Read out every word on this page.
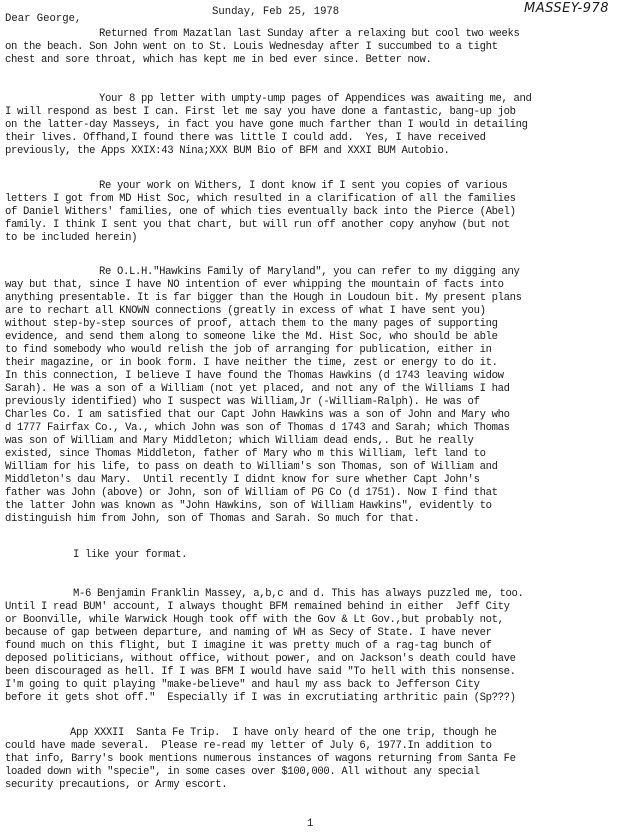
Sunday, Feb 25, 1978	MASSEY-978
Dear George,
Returned from Mazatlan last Sunday after a relaxing but cool two weeks
on the beach. Son John went on to St. Louis Wednesday after I succumbed to a tight
chest and sore throat, which has kept me in bed ever since. Better now.
Your 8 pp letter with umpty-ump pages of Appendices was awaiting me, and
I will respond as best I can. First let me say you have done a fantastic, bang-up job
on the latter-day Masseys, in fact you have gone much farther than I would in detailing
their lives. Offhand,I found there was little I could add.  Yes, I have received
previously, the Apps XXIX:43 Nina;XXX BUM Bio of BFM and XXXI BUM Autobio.
Re your work on Withers, I dont know if I sent you copies of various
letters I got from MD Hist Soc, which resulted in a clarification of all the families
of Daniel Withers' families, one of which ties eventually back into the Pierce (Abel)
family. I think I sent you that chart, but will run off another copy anyhow (but not
to be included herein)
Re O.L.H."Hawkins Family of Maryland", you can refer to my digging any
way but that, since I have NO intention of ever whipping the mountain of facts into
anything presentable. It is far bigger than the Hough in Loudoun bit. My present plans
are to rechart all KNOWN connections (greatly in excess of what I have sent you)
without step-by-step sources of proof, attach them to the many pages of supporting
evidence, and send them along to someone like the Md. Hist Soc, who should be able
to find somebody who would relish the job of arranging for publication, either in
their magazine, or in book form. I have neither the time, zest or energy to do it.
In this connection, I believe I have found the Thomas Hawkins (d 1743 leaving widow
Sarah). He was a son of a William (not yet placed, and not any of the Williams I had
previously identified) who I suspect was William,Jr (-William-Ralph). He was of
Charles Co. I am satisfied that our Capt John Hawkins was a son of John and Mary who
d 1777 Fairfax Co., Va., which John was son of Thomas d 1743 and Sarah; which Thomas
was son of William and Mary Middleton; which William dead ends,. But he really
existed, since Thomas Middleton, father of Mary who m this William, left land to
William for his life, to pass on death to William's son Thomas, son of William and
Middleton's dau Mary.  Until recently I didnt know for sure whether Capt John's
father was John (above) or John, son of William of PG Co (d 1751). Now I find that
the latter John was known as "John Hawkins, son of William Hawkins", evidently to
distinguish him from John, son of Thomas and Sarah. So much for that.
I like your format.
M-6 Benjamin Franklin Massey, a,b,c and d. This has always puzzled me, too.
Until I read BUM' account, I always thought BFM remained behind in either  Jeff City
or Boonville, while Warwick Hough took off with the Gov & Lt Gov.,but probably not,
because of gap between departure, and naming of WH as Secy of State. I have never
found much on this flight, but I imagine it was pretty much of a rag-tag bunch of
deposed politicians, without office, without power, and on Jackson's death could have
been discouraged as hell. If I was BFM I would have said "To hell with this nonsense.
I'm going to quit playing "make-believe" and haul my ass back to Jefferson City
before it gets shot off."  Especially if I was in excrutiating arthritic pain (Sp???)
App XXXII  Santa Fe Trip.  I have only heard of the one trip, though he
could have made several.  Please re-read my letter of July 6, 1977.In addition to
that info, Barry's book mentions numerous instances of wagons returning from Santa Fe
loaded down with "specie", in some cases over $100,000. All without any special
security precautions, or Army escort.
1
